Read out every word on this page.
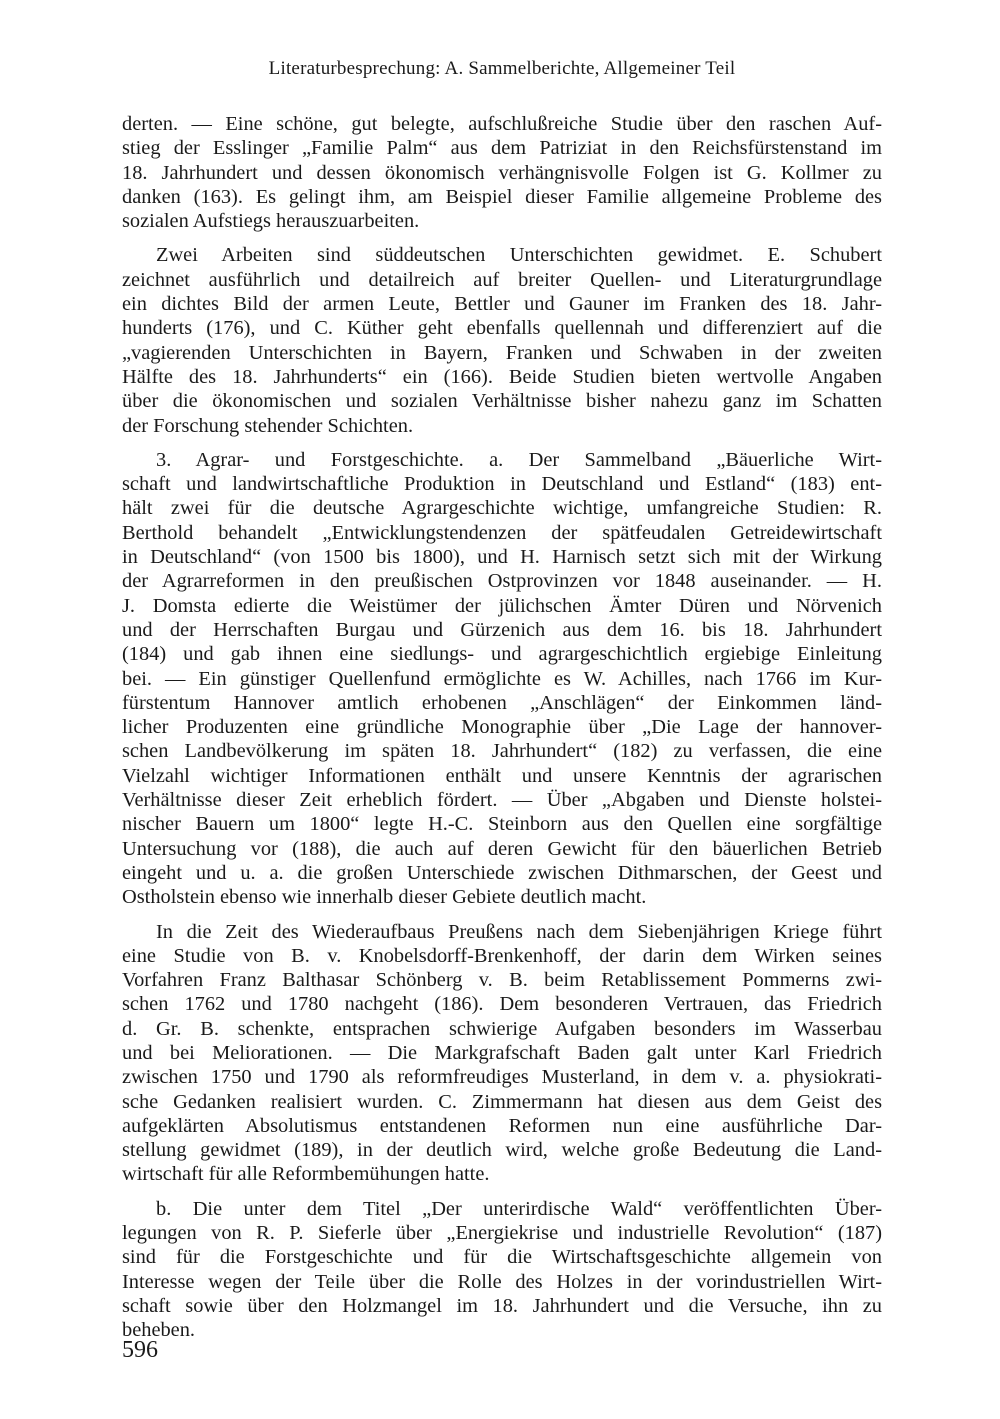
Literaturbesprechung: A. Sammelberichte, Allgemeiner Teil
derten. — Eine schöne, gut belegte, aufschlußreiche Studie über den raschen Auf-
stieg der Esslinger „Familie Palm“ aus dem Patriziat in den Reichsfürstenstand im
18. Jahrhundert und dessen ökonomisch verhängnisvolle Folgen ist G. Kollmer zu
danken (163). Es gelingt ihm, am Beispiel dieser Familie allgemeine Probleme des
sozialen Aufstiegs herauszuarbeiten.
Zwei Arbeiten sind süddeutschen Unterschichten gewidmet. E. Schubert
zeichnet ausführlich und detailreich auf breiter Quellen- und Literaturgrundlage
ein dichtes Bild der armen Leute, Bettler und Gauner im Franken des 18. Jahr-
hunderts (176), und C. Küther geht ebenfalls quellennah und differenziert auf die
„vagierenden Unterschichten in Bayern, Franken und Schwaben in der zweiten
Hälfte des 18. Jahrhunderts“ ein (166). Beide Studien bieten wertvolle Angaben
über die ökonomischen und sozialen Verhältnisse bisher nahezu ganz im Schatten
der Forschung stehender Schichten.
3. Agrar- und Forstgeschichte. a. Der Sammelband „Bäuerliche Wirt-
schaft und landwirtschaftliche Produktion in Deutschland und Estland“ (183) ent-
hält zwei für die deutsche Agrargeschichte wichtige, umfangreiche Studien: R.
Berthold behandelt „Entwicklungstendenzen der spätfeudalen Getreidewirtschaft
in Deutschland“ (von 1500 bis 1800), und H. Harnisch setzt sich mit der Wirkung
der Agrarreformen in den preußischen Ostprovinzen vor 1848 auseinander. — H.
J. Domsta edierte die Weistümer der jülichschen Ämter Düren und Nörvenich
und der Herrschaften Burgau und Gürzenich aus dem 16. bis 18. Jahrhundert
(184) und gab ihnen eine siedlungs- und agrargeschichtlich ergiebige Einleitung
bei. — Ein günstiger Quellenfund ermöglichte es W. Achilles, nach 1766 im Kur-
fürstentum Hannover amtlich erhobenen „Anschlägen“ der Einkommen länd-
licher Produzenten eine gründliche Monographie über „Die Lage der hannover-
schen Landbevölkerung im späten 18. Jahrhundert“ (182) zu verfassen, die eine
Vielzahl wichtiger Informationen enthält und unsere Kenntnis der agrarischen
Verhältnisse dieser Zeit erheblich fördert. — Über „Abgaben und Dienste holstei-
nischer Bauern um 1800“ legte H.-C. Steinborn aus den Quellen eine sorgfältige
Untersuchung vor (188), die auch auf deren Gewicht für den bäuerlichen Betrieb
eingeht und u. a. die großen Unterschiede zwischen Dithmarschen, der Geest und
Ostholstein ebenso wie innerhalb dieser Gebiete deutlich macht.
In die Zeit des Wiederaufbaus Preußens nach dem Siebenjährigen Kriege führt
eine Studie von B. v. Knobelsdorff-Brenkenhoff, der darin dem Wirken seines
Vorfahren Franz Balthasar Schönberg v. B. beim Retablissement Pommerns zwi-
schen 1762 und 1780 nachgeht (186). Dem besonderen Vertrauen, das Friedrich
d. Gr. B. schenkte, entsprachen schwierige Aufgaben besonders im Wasserbau
und bei Meliorationen. — Die Markgrafschaft Baden galt unter Karl Friedrich
zwischen 1750 und 1790 als reformfreudiges Musterland, in dem v. a. physiokrati-
sche Gedanken realisiert wurden. C. Zimmermann hat diesen aus dem Geist des
aufgeklärten Absolutismus entstandenen Reformen nun eine ausführliche Dar-
stellung gewidmet (189), in der deutlich wird, welche große Bedeutung die Land-
wirtschaft für alle Reformbemühungen hatte.
b. Die unter dem Titel „Der unterirdische Wald“ veröffentlichten Über-
legungen von R. P. Sieferle über „Energiekrise und industrielle Revolution“ (187)
sind für die Forstgeschichte und für die Wirtschaftsgeschichte allgemein von
Interesse wegen der Teile über die Rolle des Holzes in der vorindustriellen Wirt-
schaft sowie über den Holzmangel im 18. Jahrhundert und die Versuche, ihn zu
beheben.
596
